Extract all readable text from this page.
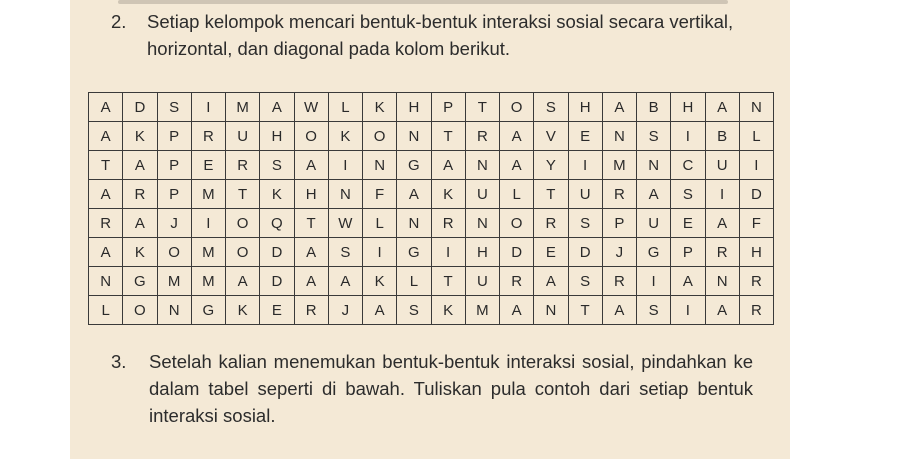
2. Setiap kelompok mencari bentuk-bentuk interaksi sosial secara vertikal, horizontal, dan diagonal pada kolom berikut.
A	D	S	I	M	A	W	L	K	H	P	T	O	S	H	A	B	H	A	N
A	K	P	R	U	H	O	K	O	N	T	R	A	V	E	N	S	I	B	L
T	A	P	E	R	S	A	I	N	G	A	N	A	Y	I	M	N	C	U	I
A	R	P	M	T	K	H	N	F	A	K	U	L	T	U	R	A	S	I	D
R	A	J	I	O	Q	T	W	L	N	R	N	O	R	S	P	U	E	A	F
A	K	O	M	O	D	A	S	I	G	I	H	D	E	D	J	G	P	R	H
N	G	M	M	A	D	A	A	K	L	T	U	R	A	S	R	I	A	N	R
L	O	N	G	K	E	R	J	A	S	K	M	A	N	T	A	S	I	A	R
3. Setelah kalian menemukan bentuk-bentuk interaksi sosial, pindahkan ke dalam tabel seperti di bawah. Tuliskan pula contoh dari setiap bentuk interaksi sosial.
